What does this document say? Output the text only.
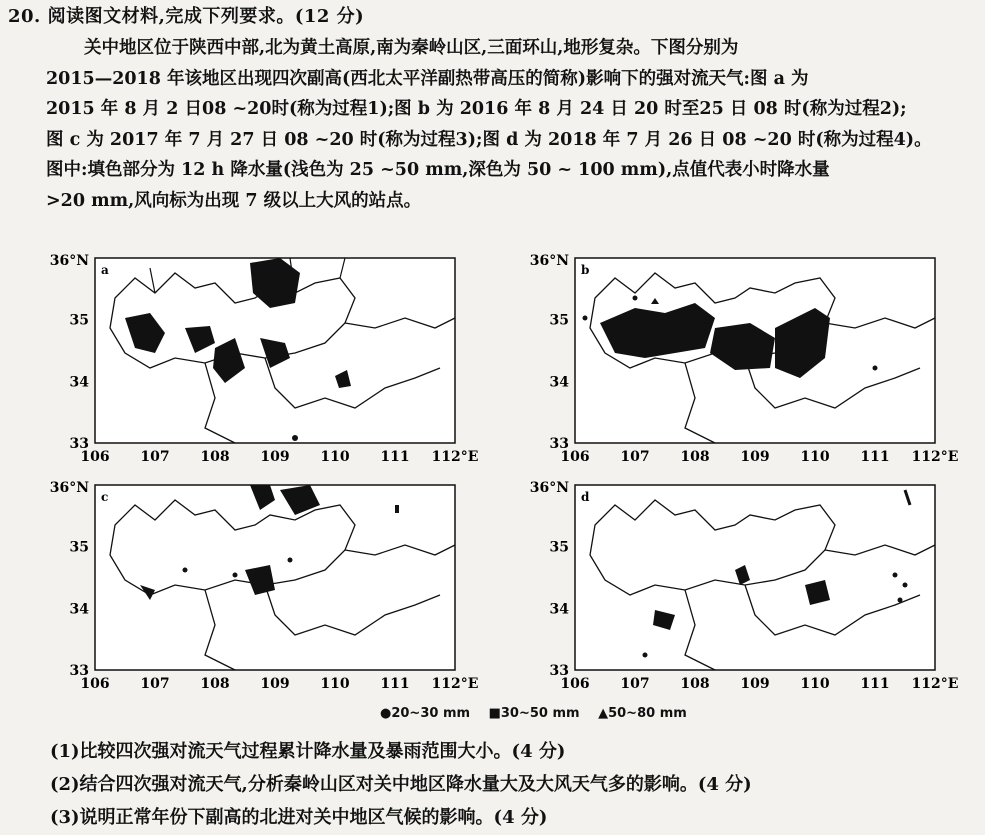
20. 阅读图文材料,完成下列要求。(12 分)
关中地区位于陕西中部,北为黄土高原,南为秦岭山区,三面环山,地形复杂。下图分别为
2015—2018 年该地区出现四次副高(西北太平洋副热带高压的简称)影响下的强对流天气:图 a 为
2015 年 8 月 2 日08 ~20时(称为过程1);图 b 为 2016 年 8 月 24 日 20 时至25 日 08 时(称为过程2);
图 c 为 2017 年 7 月 27 日 08 ~20 时(称为过程3);图 d 为 2018 年 7 月 26 日 08 ~20 时(称为过程4)。
图中:填色部分为 12 h 降水量(浅色为 25 ~50 mm,深色为 50 ~ 100 mm),点值代表小时降水量
>20 mm,风向标为出现 7 级以上大风的站点。
a	b
c	d
36°N
35
34
33
106 107 108 109 110 111 112°E
36°N
35
34
33
106 107 108 109 110 111 112°E
36°N
35
34
33
106 107 108 109 110 111 112°E
36°N
35
34
33
106 107 108 109 110 111 112°E
●20~30 mm ■30~50 mm ▲50~80 mm
(1)比较四次强对流天气过程累计降水量及暴雨范围大小。(4 分)
(2)结合四次强对流天气,分析秦岭山区对关中地区降水量大及大风天气多的影响。(4 分)
(3)说明正常年份下副高的北进对关中地区气候的影响。(4 分)
